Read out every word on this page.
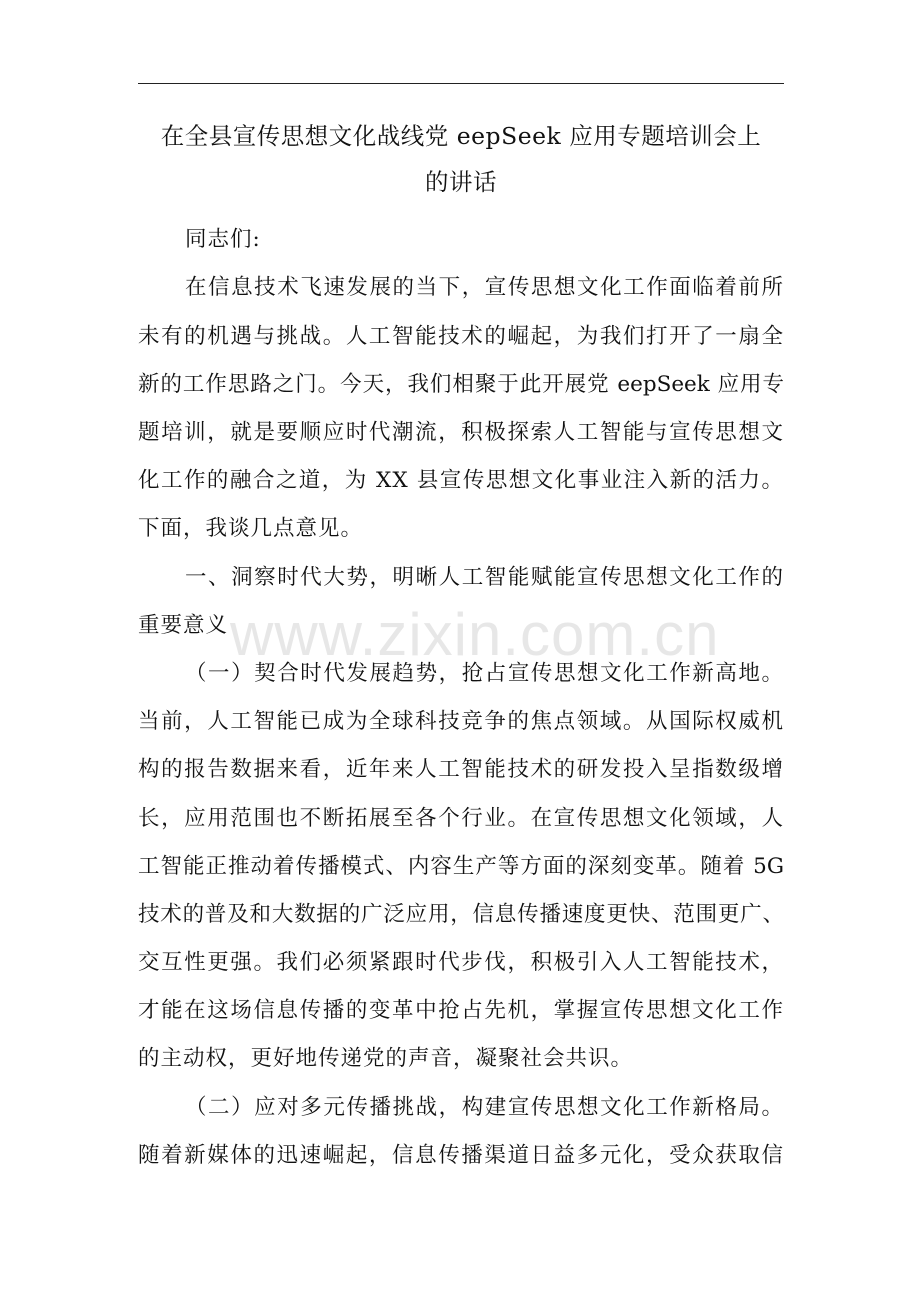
在全县宣传思想文化战线党 eepSeek 应用专题培训会上
的讲话
同志们:
在信息技术飞速发展的当下，宣传思想文化工作面临着前所
未有的机遇与挑战。人工智能技术的崛起，为我们打开了一扇全
新的工作思路之门。今天，我们相聚于此开展党 eepSeek 应用专
题培训，就是要顺应时代潮流，积极探索人工智能与宣传思想文
化工作的融合之道，为 XX 县宣传思想文化事业注入新的活力。
下面，我谈几点意见。
一、洞察时代大势，明晰人工智能赋能宣传思想文化工作的
重要意义
（一）契合时代发展趋势，抢占宣传思想文化工作新高地。
当前，人工智能已成为全球科技竞争的焦点领域。从国际权威机
构的报告数据来看，近年来人工智能技术的研发投入呈指数级增
长，应用范围也不断拓展至各个行业。在宣传思想文化领域，人
工智能正推动着传播模式、内容生产等方面的深刻变革。随着 5G
技术的普及和大数据的广泛应用，信息传播速度更快、范围更广、
交互性更强。我们必须紧跟时代步伐，积极引入人工智能技术，
才能在这场信息传播的变革中抢占先机，掌握宣传思想文化工作
的主动权，更好地传递党的声音，凝聚社会共识。
（二）应对多元传播挑战，构建宣传思想文化工作新格局。
随着新媒体的迅速崛起，信息传播渠道日益多元化，受众获取信
www.zixin.com.cn
